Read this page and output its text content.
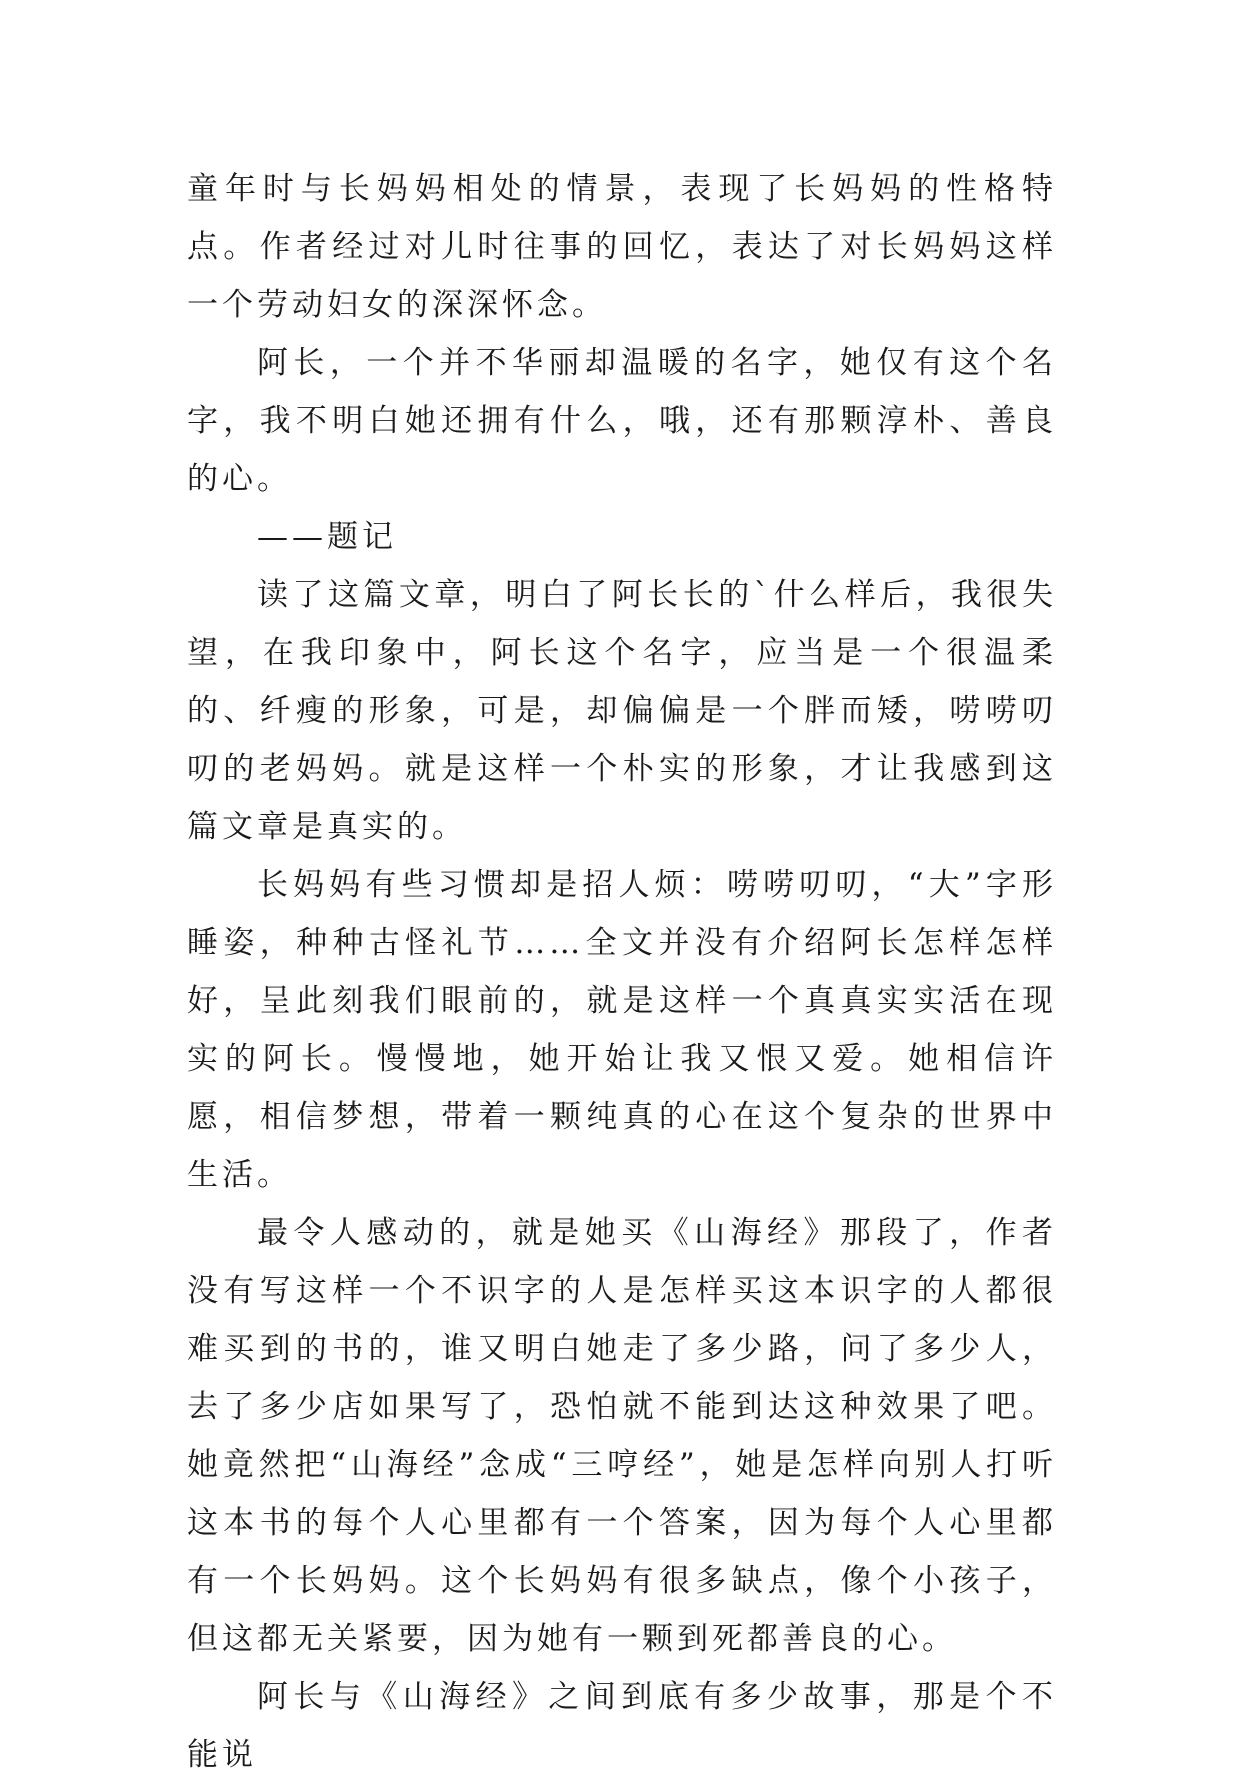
童年时与长妈妈相处的情景，表现了长妈妈的性格特点。作者经过对儿时往事的回忆，表达了对长妈妈这样一个劳动妇女的深深怀念。

阿长，一个并不华丽却温暖的名字，她仅有这个名字，我不明白她还拥有什么，哦，还有那颗淳朴、善良的心。

——题记

读了这篇文章，明白了阿长长的`什么样后，我很失望，在我印象中，阿长这个名字，应当是一个很温柔的、纤瘦的形象，可是，却偏偏是一个胖而矮，唠唠叨叨的老妈妈。就是这样一个朴实的形象，才让我感到这篇文章是真实的。

长妈妈有些习惯却是招人烦：唠唠叨叨，“大”字形睡姿，种种古怪礼节……全文并没有介绍阿长怎样怎样好，呈此刻我们眼前的，就是这样一个真真实实活在现实的阿长。慢慢地，她开始让我又恨又爱。她相信许愿，相信梦想，带着一颗纯真的心在这个复杂的世界中生活。

最令人感动的，就是她买《山海经》那段了，作者没有写这样一个不识字的人是怎样买这本识字的人都很难买到的书的，谁又明白她走了多少路，问了多少人，去了多少店如果写了，恐怕就不能到达这种效果了吧。她竟然把“山海经”念成“三哼经”，她是怎样向别人打听这本书的每个人心里都有一个答案，因为每个人心里都有一个长妈妈。这个长妈妈有很多缺点，像个小孩子，但这都无关紧要，因为她有一颗到死都善良的心。

阿长与《山海经》之间到底有多少故事，那是个不能说
